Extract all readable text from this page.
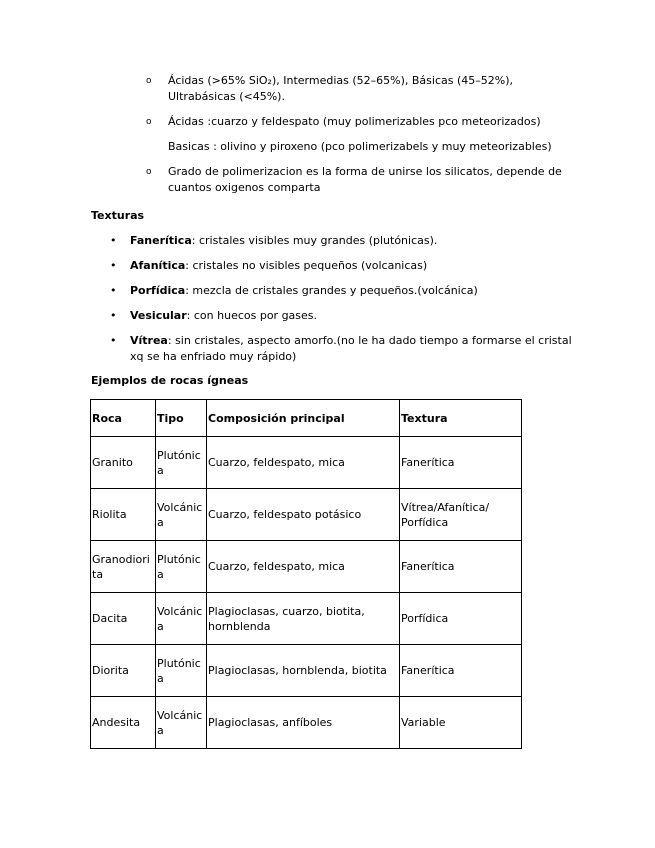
o Ácidas (>65% SiO₂), Intermedias (52–65%), Básicas (45–52%), Ultrabásicas (<45%).
o Ácidas :cuarzo y feldespato (muy polimerizables pco meteorizados)
Basicas : olivino y piroxeno (pco polimerizabels y muy meteorizables)
o Grado de polimerizacion es la forma de unirse los silicatos, depende de cuantos oxigenos comparta
Texturas
• Fanerítica: cristales visibles muy grandes (plutónicas).
• Afanítica: cristales no visibles pequeños (volcanicas)
• Porfídica: mezcla de cristales grandes y pequeños.(volcánica)
• Vesicular: con huecos por gases.
• Vítrea: sin cristales, aspecto amorfo.(no le ha dado tiempo a formarse el cristal xq se ha enfriado muy rápido)
Ejemplos de rocas ígneas
Roca	Tipo	Composición principal	Textura
Granito	Plutónica	Cuarzo, feldespato, mica	Fanerítica
Riolita	Volcánica	Cuarzo, feldespato potásico	Vítrea/Afanítica/ Porfídica
Granodiorita	Plutónica	Cuarzo, feldespato, mica	Fanerítica
Dacita	Volcánica	Plagioclasas, cuarzo, biotita, hornblenda	Porfídica
Diorita	Plutónica	Plagioclasas, hornblenda, biotita	Fanerítica
Andesita	Volcánica	Plagioclasas, anfíboles	Variable
